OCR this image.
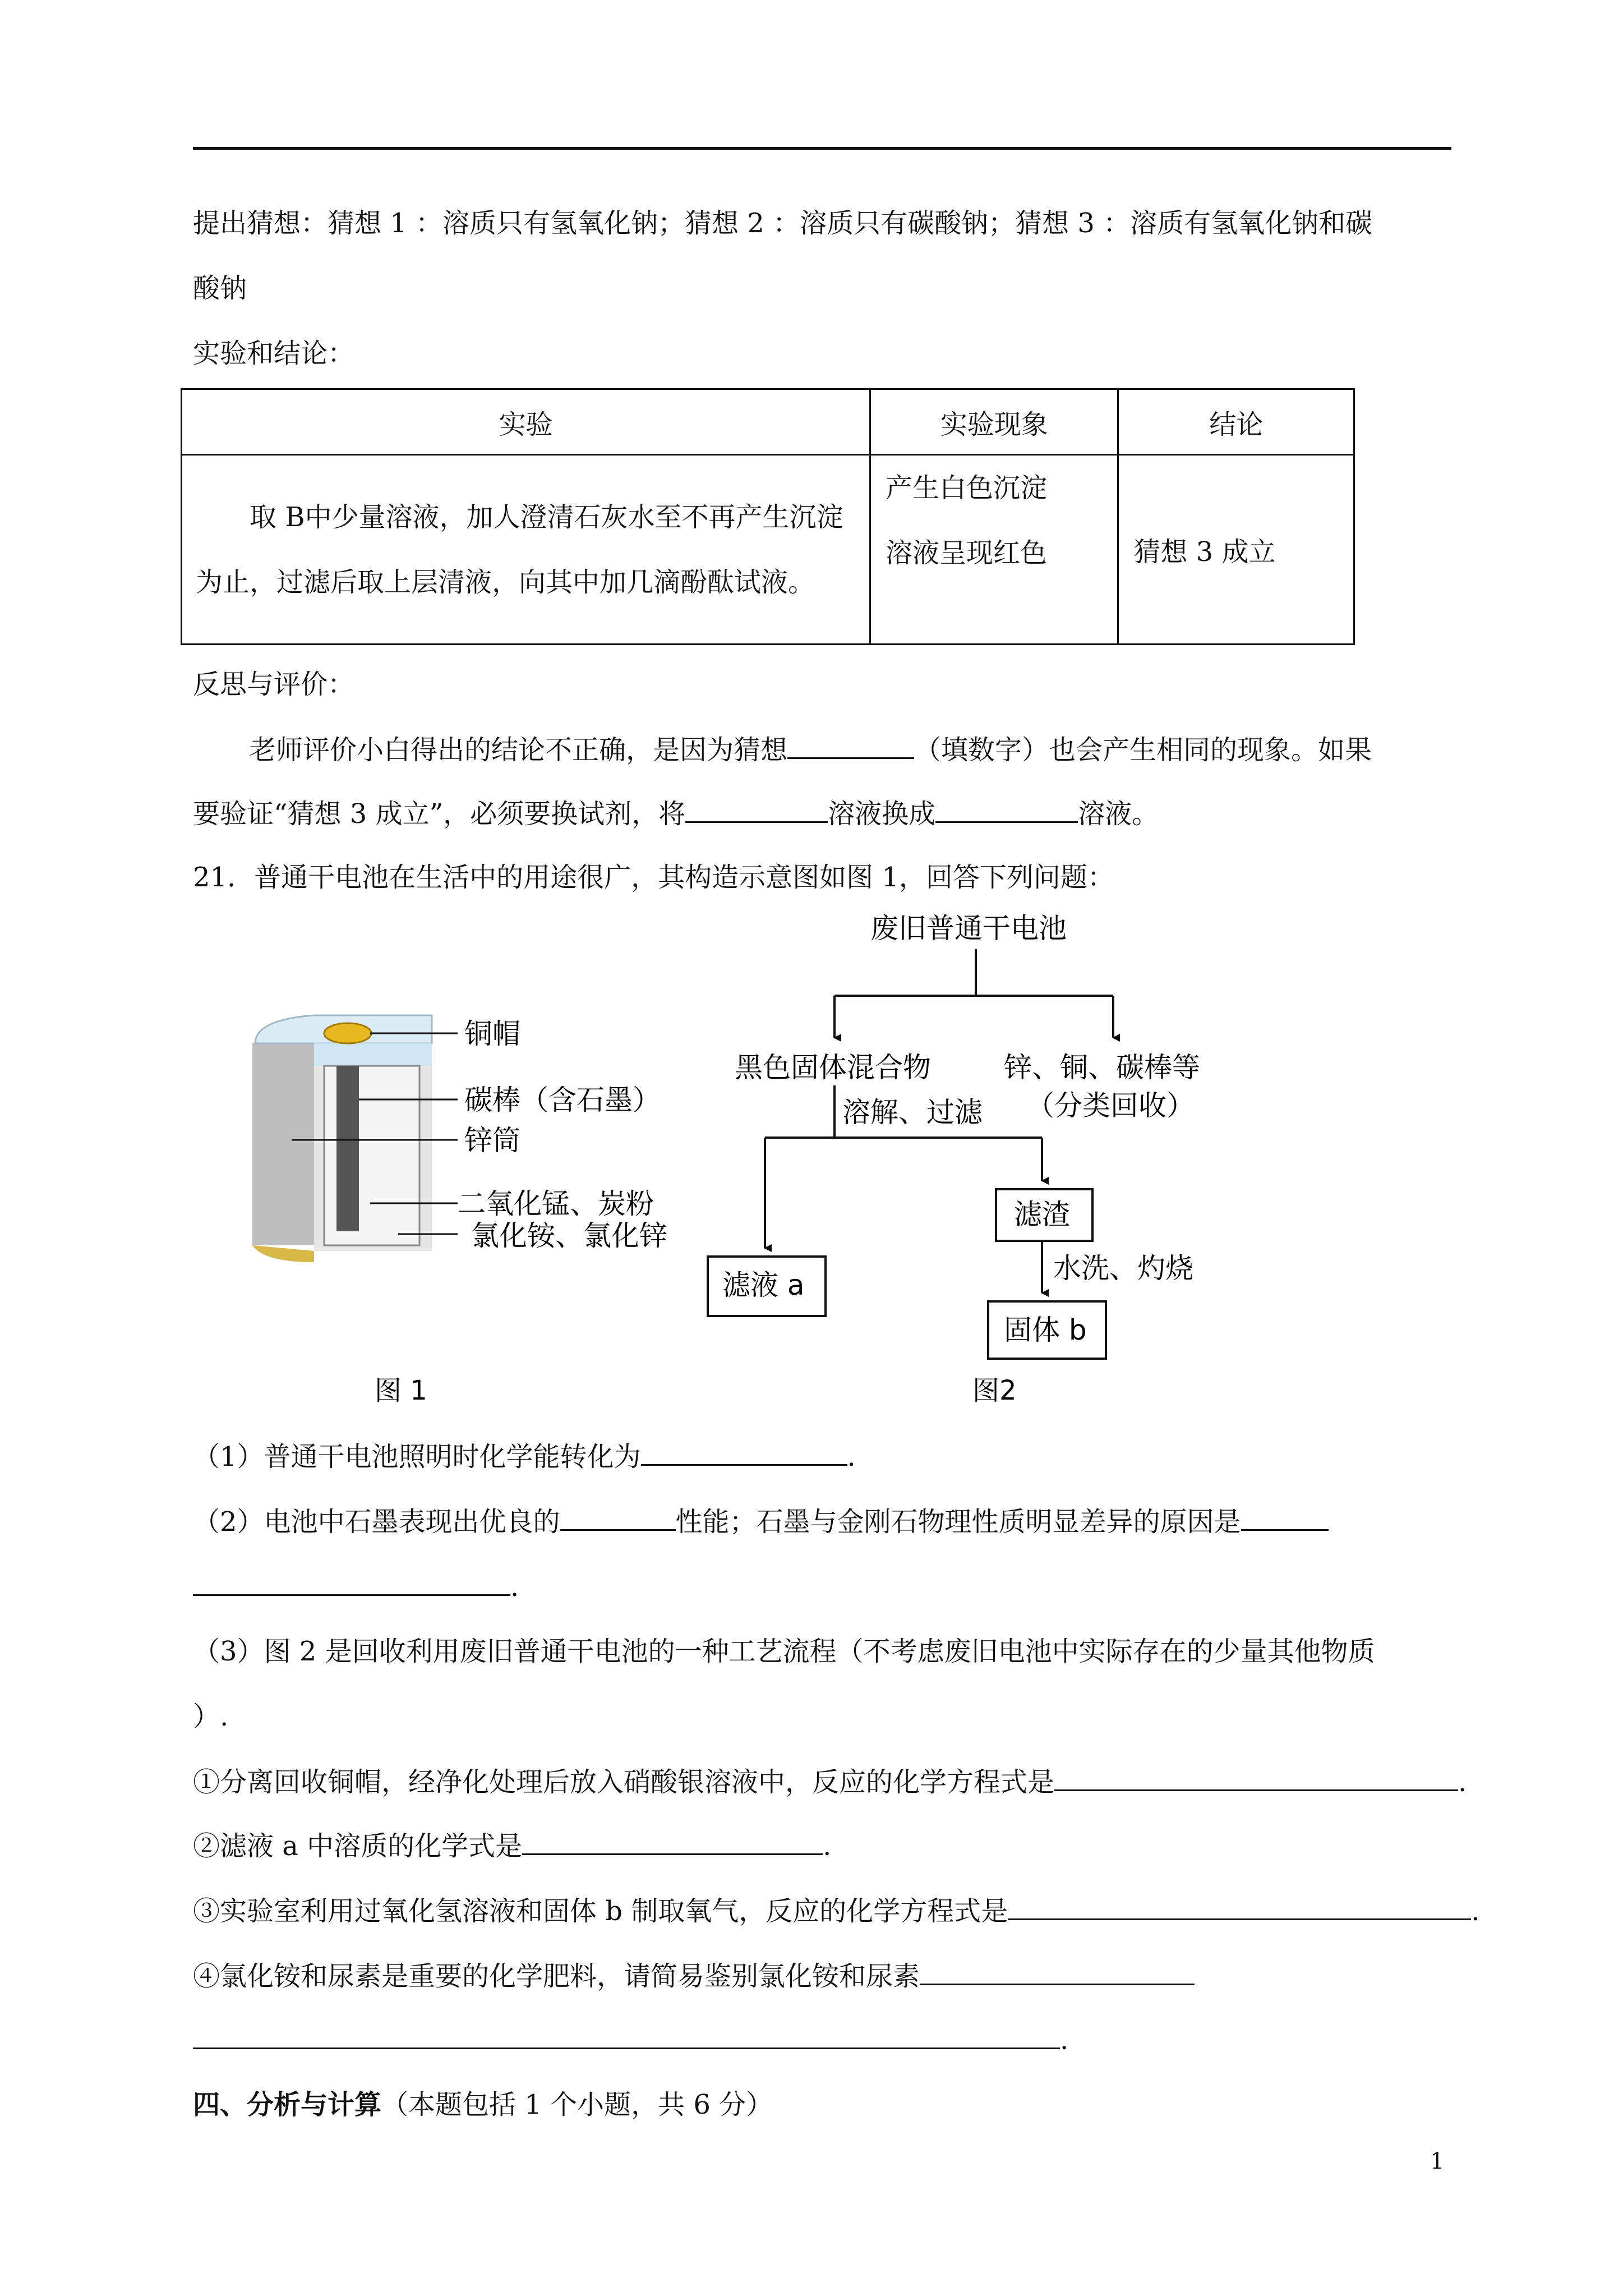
提出猜想：猜想 1 ：溶质只有氢氧化钠；猜想 2 ：溶质只有碳酸钠；猜想 3 ：溶质有氢氧化钠和碳
酸钠
实验和结论：
实验	实验现象	结论

取 B中少量溶液，加人澄清石灰水至不再产生沉淀为止，过滤后取上层清液，向其中加几滴酚酞试液。	产生白色沉淀
溶液呈现红色	猜想 3 成立
反思与评价：
老师评价小白得出的结论不正确，是因为猜想	（填数字）也会产生相同的现象。如果
要验证“猜想 3 成立”，必须要换试剂，将	溶液换成	溶液。
21．普通干电池在生活中的用途很广，其构造示意图如图 1，回答下列问题：
铜帽
碳棒（含石墨）
锌筒
二氧化锰、炭粉
氯化铵、氯化锌
图 1
废旧普通干电池
黑色固体混合物	锌、铜、碳棒等
（分类回收）
溶解、过滤
滤渣
滤液 a
水洗、灼烧
固体 b
图2
（1）普通干电池照明时化学能转化为	.
（2）电池中石墨表现出优良的	性能；石墨与金刚石物理性质明显差异的原因是
.
（3）图 2 是回收利用废旧普通干电池的一种工艺流程（不考虑废旧电池中实际存在的少量其他物质
）.
①分离回收铜帽，经净化处理后放入硝酸银溶液中，反应的化学方程式是	.
②滤液 a 中溶质的化学式是	.
③实验室利用过氧化氢溶液和固体 b 制取氧气，反应的化学方程式是	.
④氯化铵和尿素是重要的化学肥料，请简易鉴别氯化铵和尿素
.
四、分析与计算（本题包括 1 个小题，共 6 分）
1
